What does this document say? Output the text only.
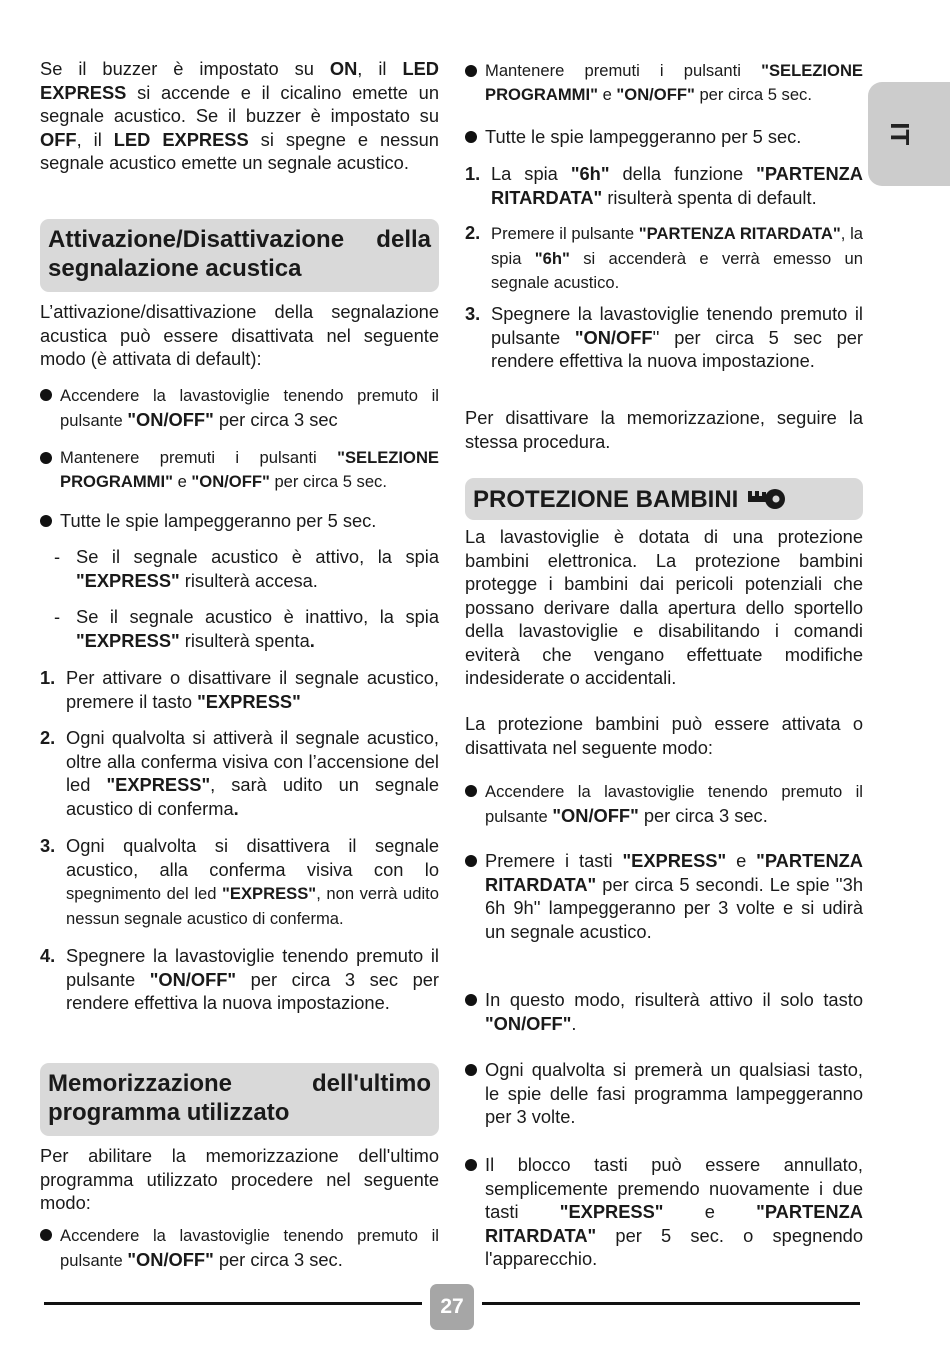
Se il buzzer è impostato su ON, il LED EXPRESS si accende e il cicalino emette un segnale acustico. Se il buzzer è impostato su OFF, il LED EXPRESS si spegne e nessun segnale acustico emette un segnale acustico.

Attivazione/Disattivazione della segnalazione acustica

L’attivazione/disattivazione della segnalazione acustica può essere disattivata nel seguente modo (è attivata di default):

Accendere la lavastoviglie tenendo premuto il pulsante "ON/OFF" per circa 3 sec

Mantenere premuti i pulsanti "SELEZIONE PROGRAMMI" e "ON/OFF" per circa 5 sec.

Tutte le spie lampeggeranno per 5 sec.

- Se il segnale acustico è attivo, la spia "EXPRESS" risulterà accesa.

- Se il segnale acustico è inattivo, la spia "EXPRESS" risulterà spenta.

1. Per attivare o disattivare il segnale acustico, premere il tasto "EXPRESS"

2. Ogni qualvolta si attiverà il segnale acustico, oltre alla conferma visiva con l’accensione del led "EXPRESS", sarà udito un segnale acustico di conferma.

3. Ogni qualvolta si disattivera il segnale acustico, alla conferma visiva con lo spegnimento del led "EXPRESS", non verrà udito nessun segnale acustico di conferma.

4. Spegnere la lavastoviglie tenendo premuto il pulsante "ON/OFF" per circa 3 sec per rendere effettiva la nuova impostazione.

Memorizzazione dell'ultimo programma utilizzato

Per abilitare la memorizzazione dell'ultimo programma utilizzato procedere nel seguente modo:

Accendere la lavastoviglie tenendo premuto il pulsante "ON/OFF" per circa 3 sec.

Mantenere premuti i pulsanti "SELEZIONE PROGRAMMI" e "ON/OFF" per circa 5 sec.

Tutte le spie lampeggeranno per 5 sec.

1. La spia "6h" della funzione "PARTENZA RITARDATA" risulterà spenta di default.

2. Premere il pulsante "PARTENZA RITARDATA", la spia "6h" si accenderà e verrà emesso un segnale acustico.

3. Spegnere la lavastoviglie tenendo premuto il pulsante "ON/OFF'' per circa 5 sec per rendere effettiva la nuova impostazione.

Per disattivare la memorizzazione, seguire la stessa procedura.

PROTEZIONE BAMBINI

La lavastoviglie è dotata di una protezione bambini elettronica. La protezione bambini protegge i bambini dai pericoli potenziali che possano derivare dalla apertura dello sportello della lavastoviglie e disabilitando i comandi eviterà che vengano effettuate modifiche indesiderate o accidentali.

La protezione bambini può essere attivata o disattivata nel seguente modo:

Accendere la lavastoviglie tenendo premuto il pulsante "ON/OFF" per circa 3 sec.

Premere i tasti "EXPRESS" e "PARTENZA RITARDATA" per circa 5 secondi. Le spie ''3h 6h 9h'' lampeggeranno per 3 volte e si udirà un segnale acustico.

In questo modo, risulterà attivo il solo tasto "ON/OFF".

Ogni qualvolta si premerà un qualsiasi tasto, le spie delle fasi programma lampeggeranno per 3 volte.

Il blocco tasti può essere annullato, semplicemente premendo nuovamente i due tasti "EXPRESS" e "PARTENZA RITARDATA" per 5 sec. o spegnendo l'apparecchio.

IT
27
